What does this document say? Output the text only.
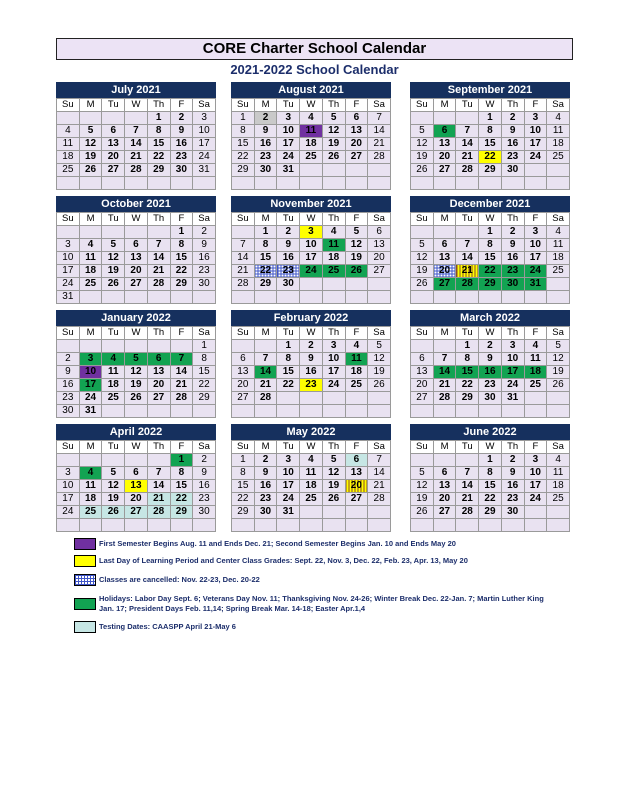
CORE Charter School Calendar
2021-2022 School Calendar
July 2021
Su	M	Tu	W	Th	F	Sa
				1	2	3
4	5	6	7	8	9	10
11	12	13	14	15	16	17
18	19	20	21	22	23	24
25	26	27	28	29	30	31

August 2021
Su	M	Tu	W	Th	F	Sa
1	2	3	4	5	6	7
8	9	10	11	12	13	14
15	16	17	18	19	20	21
22	23	24	25	26	27	28
29	30	31				

September 2021
Su	M	Tu	W	Th	F	Sa
			1	2	3	4
5	6	7	8	9	10	11
12	13	14	15	16	17	18
19	20	21	22	23	24	25
26	27	28	29	30		

October 2021
Su	M	Tu	W	Th	F	Sa
					1	2
3	4	5	6	7	8	9
10	11	12	13	14	15	16
17	18	19	20	21	22	23
24	25	26	27	28	29	30
31						
November 2021
Su	M	Tu	W	Th	F	Sa
	1	2	3	4	5	6
7	8	9	10	11	12	13
14	15	16	17	18	19	20
21	22	23	24	25	26	27
28	29	30				

December 2021
Su	M	Tu	W	Th	F	Sa
			1	2	3	4
5	6	7	8	9	10	11
12	13	14	15	16	17	18
19	20	21	22	23	24	25
26	27	28	29	30	31	

January 2022
Su	M	Tu	W	Th	F	Sa
						1
2	3	4	5	6	7	8
9	10	11	12	13	14	15
16	17	18	19	20	21	22
23	24	25	26	27	28	29
30	31					
February 2022
Su	M	Tu	W	Th	F	Sa
		1	2	3	4	5
6	7	8	9	10	11	12
13	14	15	16	17	18	19
20	21	22	23	24	25	26
27	28					

March 2022
Su	M	Tu	W	Th	F	Sa
		1	2	3	4	5
6	7	8	9	10	11	12
13	14	15	16	17	18	19
20	21	22	23	24	25	26
27	28	29	30	31		

April 2022
Su	M	Tu	W	Th	F	Sa
					1	2
3	4	5	6	7	8	9
10	11	12	13	14	15	16
17	18	19	20	21	22	23
24	25	26	27	28	29	30

May 2022
Su	M	Tu	W	Th	F	Sa
1	2	3	4	5	6	7
8	9	10	11	12	13	14
15	16	17	18	19	20	21
22	23	24	25	26	27	28
29	30	31				

June 2022
Su	M	Tu	W	Th	F	Sa
			1	2	3	4
5	6	7	8	9	10	11
12	13	14	15	16	17	18
19	20	21	22	23	24	25
26	27	28	29	30		

First Semester Begins Aug. 11 and Ends Dec. 21; Second Semester Begins Jan. 10 and Ends May 20
Last Day of Learning Period and Center Class Grades: Sept. 22, Nov. 3, Dec. 22, Feb. 23, Apr. 13, May 20
Classes are cancelled: Nov. 22-23, Dec. 20-22
Holidays: Labor Day Sept. 6; Veterans Day Nov. 11; Thanksgiving Nov. 24-26; Winter Break Dec. 22-Jan. 7; Martin Luther King Jan. 17; President Days Feb. 11,14; Spring Break Mar. 14-18; Easter Apr.1,4
Testing Dates: CAASPP April 21-May 6
